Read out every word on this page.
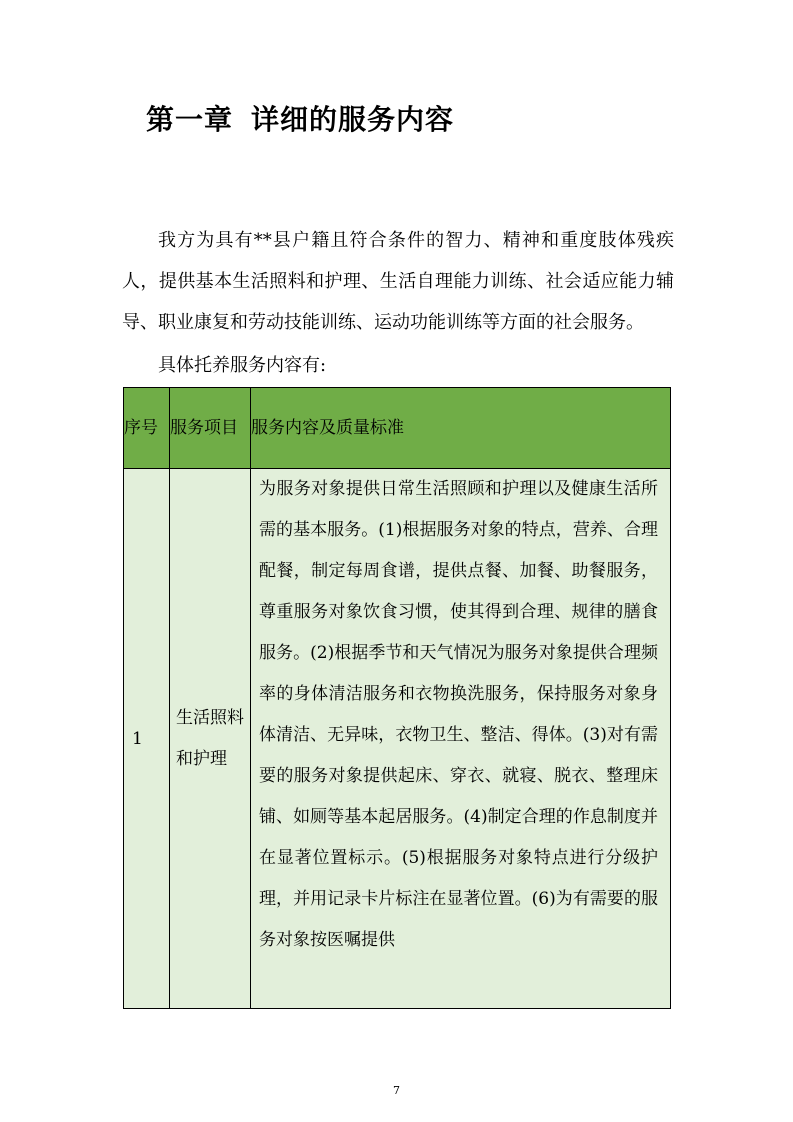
第一章 详细的服务内容

我方为具有**县户籍且符合条件的智力、精神和重度肢体残疾人，提供基本生活照料和护理、生活自理能力训练、社会适应能力辅导、职业康复和劳动技能训练、运动功能训练等方面的社会服务。

具体托养服务内容有:

序号	服务项目	服务内容及质量标准
1	生活照料和护理	为服务对象提供日常生活照顾和护理以及健康生活所需的基本服务。(1)根据服务对象的特点，营养、合理配餐，制定每周食谱，提供点餐、加餐、助餐服务，尊重服务对象饮食习惯，使其得到合理、规律的膳食服务。(2)根据季节和天气情况为服务对象提供合理频率的身体清洁服务和衣物换洗服务，保持服务对象身体清洁、无异味，衣物卫生、整洁、得体。(3)对有需要的服务对象提供起床、穿衣、就寝、脱衣、整理床铺、如厕等基本起居服务。(4)制定合理的作息制度并在显著位置标示。(5)根据服务对象特点进行分级护理，并用记录卡片标注在显著位置。(6)为有需要的服务对象按医嘱提供
7
